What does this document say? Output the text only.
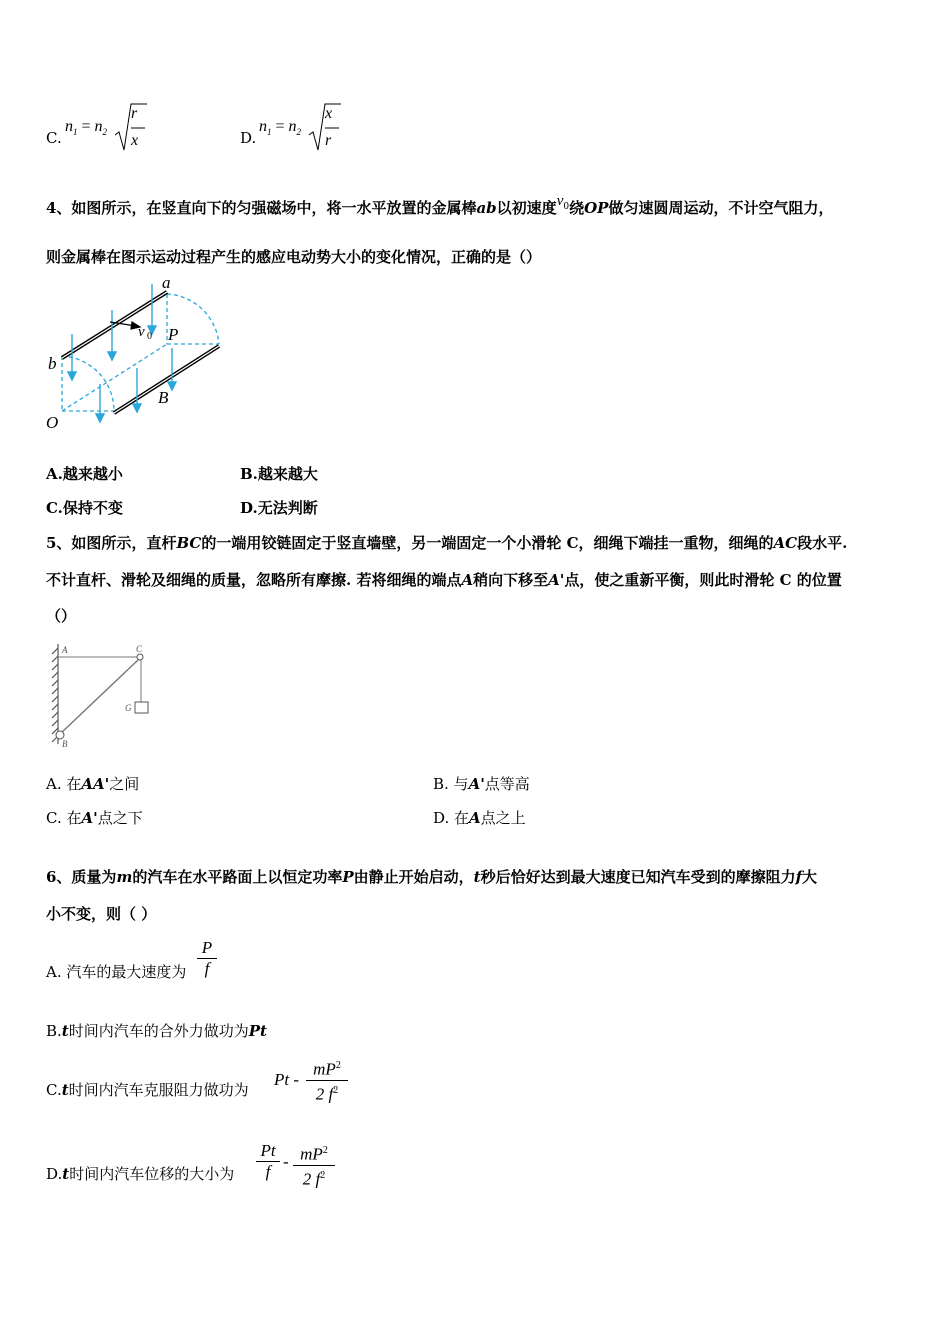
C.
$n_1 = n_2$
r
x	D.
$n_1 = n_2$
x
r
4、如图所示，在竖直向下的匀强磁场中，将一水平放置的金属棒ab以初速度$v_0$绕OP做匀速圆周运动，不计空气阻力，
则金属棒在图示运动过程产生的感应电动势大小的变化情况，正确的是（）
a
b
O
P
B
v 0
A.越来越小	B.越来越大
C.保持不变	D.无法判断
5、如图所示，直杆BC的一端用铰链固定于竖直墙壁，另一端固定一个小滑轮 C，细绳下端挂一重物，细绳的AC段水平.
不计直杆、滑轮及细绳的质量，忽略所有摩擦. 若将细绳的端点A稍向下移至A'点，使之重新平衡，则此时滑轮 C 的位置
（）
A	C
G
B
A. 在AA'之间	B. 与A'点等高
C. 在A'点之下	D. 在A点之上
6、质量为m的汽车在水平路面上以恒定功率P由静止开始启动，t秒后恰好达到最大速度已知汽车受到的摩擦阻力f大
小不变，则（ ）
A. 汽车的最大速度为
P
f
B.t时间内汽车的合外力做功为Pt
C.t时间内汽车克服阻力做功为
Pt -
$mP^2$
2 $f^2$
D.t时间内汽车位移的大小为
Pt
f
- $mP^2$
2 $f^2$
